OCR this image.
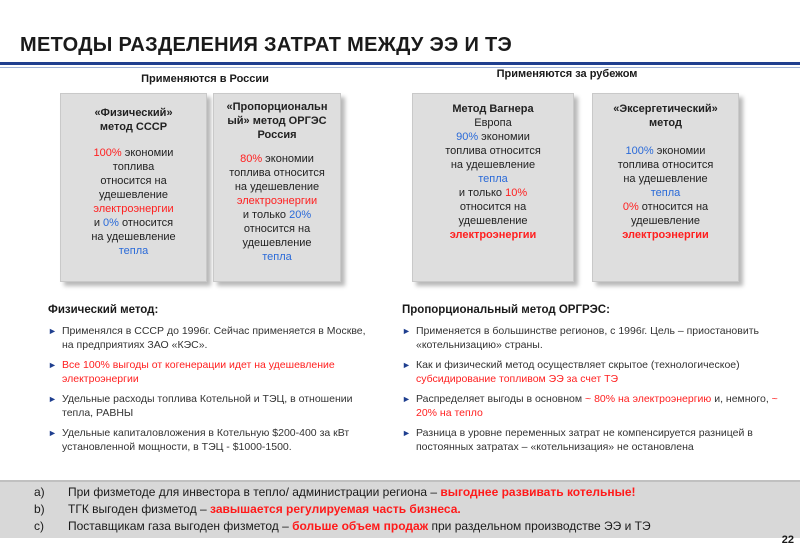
МЕТОДЫ РАЗДЕЛЕНИЯ ЗАТРАТ МЕЖДУ ЭЭ И ТЭ
Применяются в России	Применяются за рубежом
«Физический»
метод СССР
100% экономии
топлива
относится на
удешевление
электроэнергии
и 0% относится
на удешевление
тепла
«Пропорциональн
ый» метод ОРГЭС
Россия
80% экономии
топлива относится
на удешевление
электроэнергии
и только 20%
относится на
удешевление
тепла
Метод Вагнера
Европа
90% экономии
топлива относится
на удешевление
тепла
и только 10%
относится на
удешевление
электроэнергии
«Эксергетический»
метод
100% экономии
топлива относится
на удешевление
тепла
0% относится на
удешевление
электроэнергии
Физический метод:
► Применялся в СССР до 1996г. Сейчас применяется в Москве, на предприятиях ЗАО «КЭС».
► Все 100% выгоды от когенерации идет на удешевление электроэнергии
► Удельные расходы топлива Котельной и ТЭЦ, в отношении тепла, РАВНЫ
► Удельные капиталовложения в Котельную $200-400 за кВт установленной мощности, в ТЭЦ - $1000-1500.
Пропорциональный метод ОРГРЭС:
► Применяется в большинстве регионов, с 1996г. Цель – приостановить «котельнизацию» страны.
► Как и физический метод осуществляет скрытое (технологическое) субсидирование топливом ЭЭ за счет ТЭ
► Распределяет выгоды в основном ~ 80% на электроэнергию и, немного, ~ 20% на тепло
► Разница в уровне переменных затрат не компенсируется разницей в постоянных затратах – «котельнизация» не остановлена
a) При физметоде для инвестора в тепло/ администрации региона – выгоднее развивать котельные!
b) ТГК выгоден физметод – завышается регулируемая часть бизнеса.
c) Поставщикам газа выгоден физметод – больше объем продаж при раздельном производстве ЭЭ и ТЭ
22
